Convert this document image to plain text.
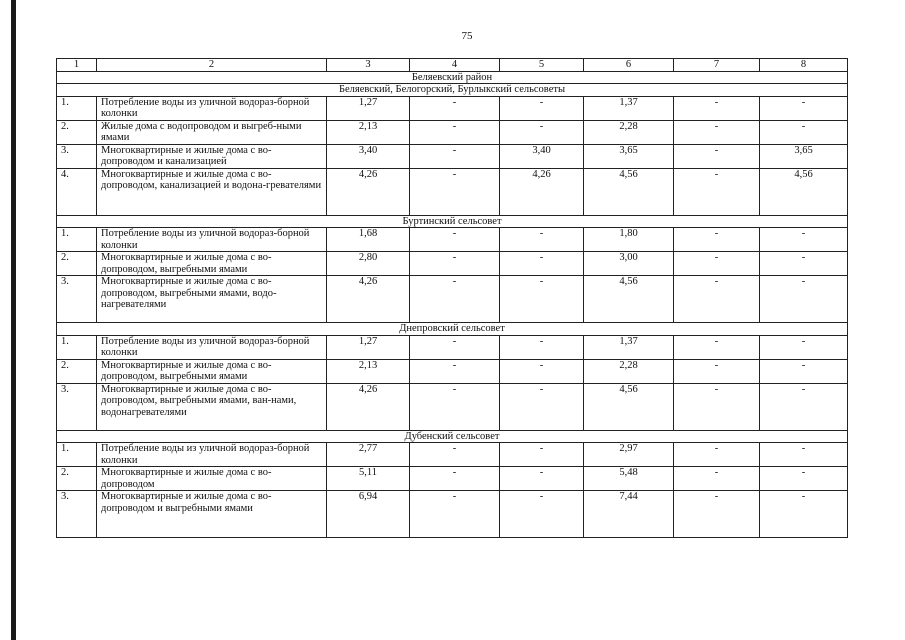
75
1	2	3	4	5	6	7	8
Беляевский район							
Беляевский, Белогорский, Бурлыкский сельсоветы							
1.	Потребление воды из уличной водораз-борной колонки	1,27	-	-	1,37	-	-
2.	Жилые дома с водопроводом и выгреб-ными ямами	2,13	-	-	2,28	-	-
3.	Многоквартирные и жилые дома с во-допроводом и канализацией	3,40	-	3,40	3,65	-	3,65
4.	Многоквартирные и жилые дома с во-допроводом, канализацией и водона-гревателями	4,26	-	4,26	4,56	-	4,56
Буртинский сельсовет							
1.	Потребление воды из уличной водораз-борной колонки	1,68	-	-	1,80	-	-
2.	Многоквартирные и жилые дома с во-допроводом, выгребными ямами	2,80	-	-	3,00	-	-
3.	Многоквартирные и жилые дома с во-допроводом, выгребными ямами, водо-нагревателями	4,26	-	-	4,56	-	-
Днепровский сельсовет							
1.	Потребление воды из уличной водораз-борной колонки	1,27	-	-	1,37	-	-
2.	Многоквартирные и жилые дома с во-допроводом, выгребными ямами	2,13	-	-	2,28	-	-
3.	Многоквартирные и жилые дома с во-допроводом, выгребными ямами, ван-нами, водонагревателями	4,26	-	-	4,56	-	-
Дубенский сельсовет							
1.	Потребление воды из уличной водораз-борной колонки	2,77	-	-	2,97	-	-
2.	Многоквартирные и жилые дома с во-допроводом	5,11	-	-	5,48	-	-
3.	Многоквартирные и жилые дома с во-допроводом и выгребными ямами	6,94	-	-	7,44	-	-
